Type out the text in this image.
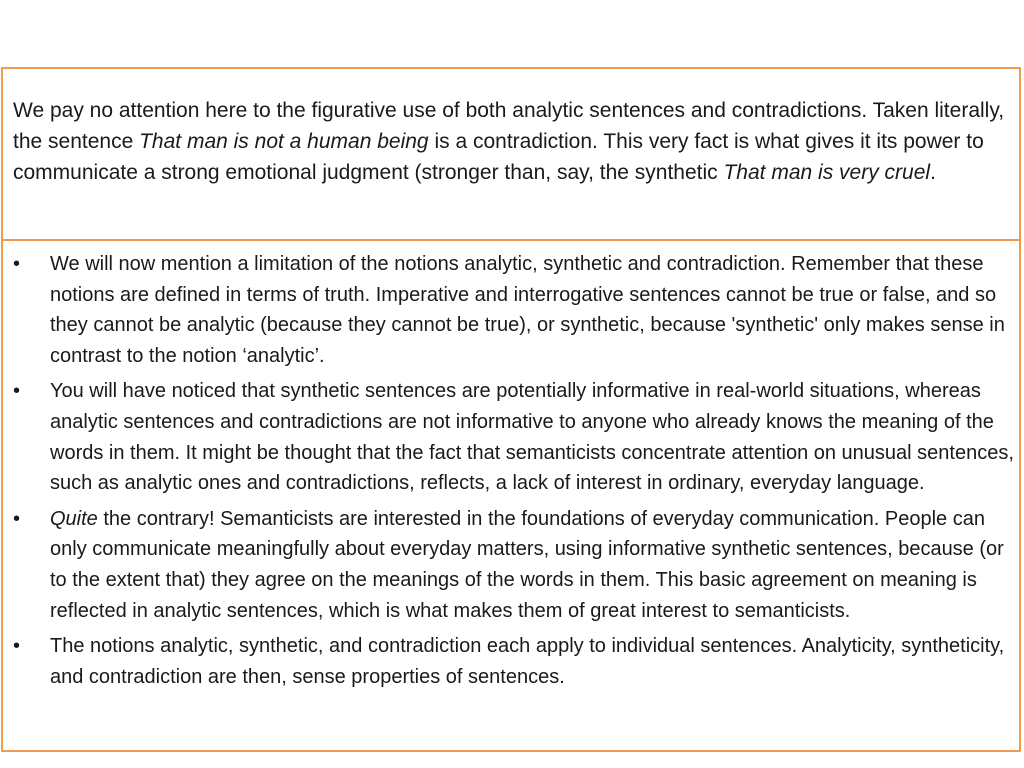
We pay no attention here to the figurative use of both analytic sentences and contradictions. Taken literally, the sentence That man is not a human being is a contradiction. This very fact is what gives it its power to communicate a strong emotional judgment (stronger than, say, the synthetic That man is very cruel.

• We will now mention a limitation of the notions analytic, synthetic and contradiction. Remember that these notions are defined in terms of truth. Imperative and interrogative sentences cannot be true or false, and so they cannot be analytic (because they cannot be true), or synthetic, because 'synthetic' only makes sense in contrast to the notion ‘analytic’.
• You will have noticed that synthetic sentences are potentially informative in real-world situations, whereas analytic sentences and contradictions are not informative to anyone who already knows the meaning of the words in them. It might be thought that the fact that semanticists concentrate attention on unusual sentences, such as analytic ones and contradictions, reflects, a lack of interest in ordinary, everyday language.
• Quite the contrary! Semanticists are interested in the foundations of everyday communication. People can only communicate meaningfully about everyday matters, using informative synthetic sentences, because (or to the extent that) they agree on the meanings of the words in them. This basic agreement on meaning is reflected in analytic sentences, which is what makes them of great interest to semanticists.
• The notions analytic, synthetic, and contradiction each apply to individual sentences. Analyticity, syntheticity, and contradiction are then, sense properties of sentences.
